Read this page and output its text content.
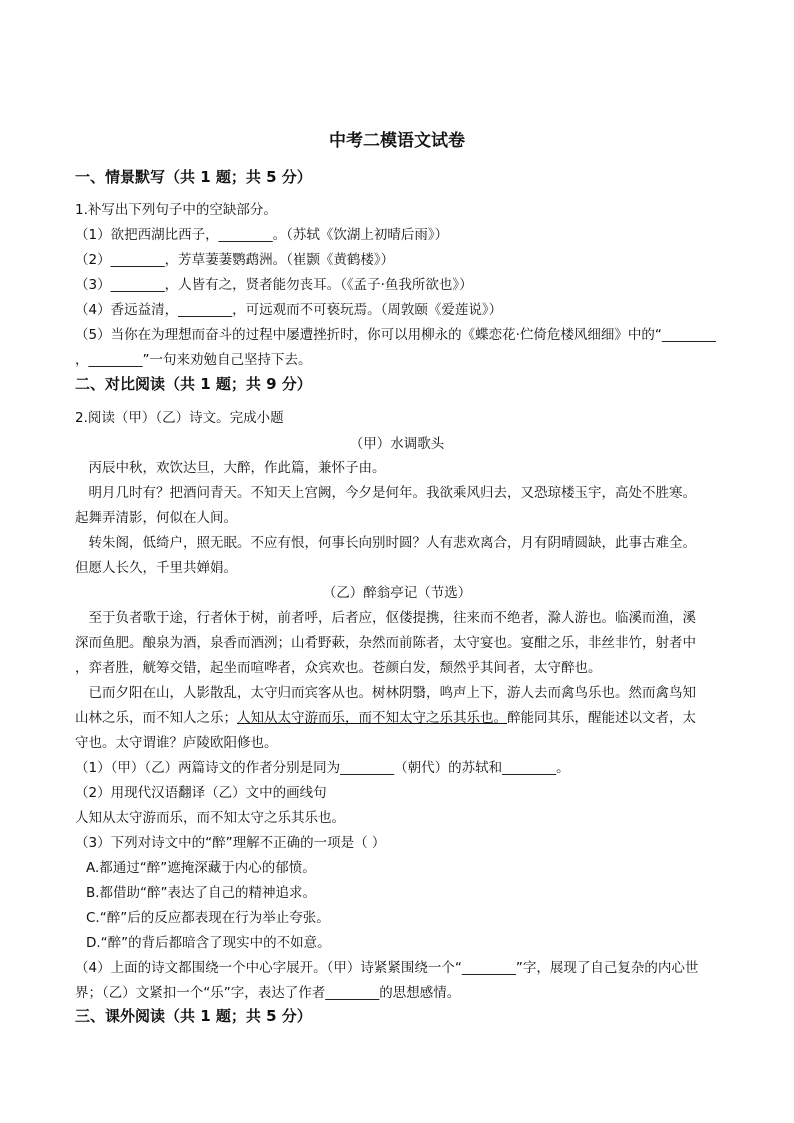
中考二模语文试卷
一、情景默写（共 1 题；共 5 分）
1.补写出下列句子中的空缺部分。
（1）欲把西湖比西子，________。（苏轼《饮湖上初晴后雨》）
（2）________，芳草萋萋鹦鹉洲。（崔颢《黄鹤楼》）
（3）________，人皆有之，贤者能勿丧耳。（《孟子·鱼我所欲也》）
（4）香远益清，________，可远观而不可亵玩焉。（周敦颐《爱莲说》）
（5）当你在为理想而奋斗的过程中屡遭挫折时，你可以用柳永的《蝶恋花·伫倚危楼风细细》中的“________
，________”一句来劝勉自己坚持下去。
二、对比阅读（共 1 题；共 9 分）
2.阅读（甲）（乙）诗文。完成小题
（甲）水调歌头
丙辰中秋，欢饮达旦，大醉，作此篇，兼怀子由。
明月几时有？把酒问青天。不知天上宫阙，今夕是何年。我欲乘风归去，又恐琼楼玉宇，高处不胜寒。
起舞弄清影，何似在人间。
转朱阁，低绮户，照无眠。不应有恨，何事长向别时圆？人有悲欢离合，月有阴晴圆缺，此事古难全。
但愿人长久，千里共婵娟。
（乙）醉翁亭记（节选）
至于负者歌于途，行者休于树，前者呼，后者应，伛偻提携，往来而不绝者，滁人游也。临溪而渔，溪
深而鱼肥。酿泉为酒，泉香而酒洌；山肴野蔌，杂然而前陈者，太守宴也。宴酣之乐，非丝非竹，射者中
，弈者胜，觥筹交错，起坐而喧哗者，众宾欢也。苍颜白发，颓然乎其间者，太守醉也。
已而夕阳在山，人影散乱，太守归而宾客从也。树林阴翳，鸣声上下，游人去而禽鸟乐也。然而禽鸟知
山林之乐，而不知人之乐；人知从太守游而乐，而不知太守之乐其乐也。醉能同其乐，醒能述以文者，太
守也。太守谓谁？庐陵欧阳修也。
（1）（甲）（乙）两篇诗文的作者分别是同为________（朝代）的苏轼和________。
（2）用现代汉语翻译（乙）文中的画线句
人知从太守游而乐，而不知太守之乐其乐也。
（3）下列对诗文中的“醉”理解不正确的一项是（ ）
A.都通过“醉”遮掩深藏于内心的郁愤。
B.都借助“醉”表达了自己的精神追求。
C.“醉”后的反应都表现在行为举止夸张。
D.“醉”的背后都暗含了现实中的不如意。
（4）上面的诗文都围绕一个中心字展开。（甲）诗紧紧围绕一个“________”字，展现了自己复杂的内心世
界；（乙）文紧扣一个“乐”字，表达了作者________的思想感情。
三、课外阅读（共 1 题；共 5 分）
